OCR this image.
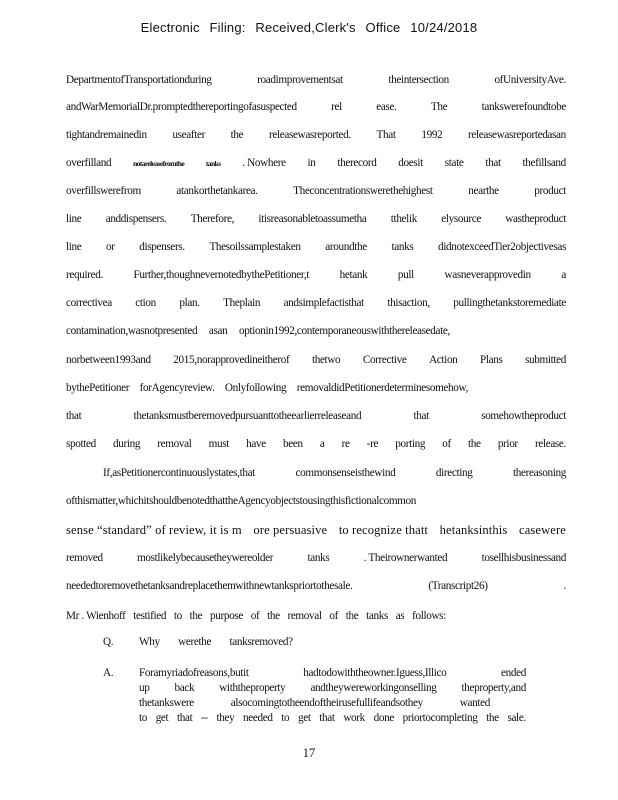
Electronic Filing: Received,Clerk's Office 10/24/2018
DepartmentofTransportationduring	roadimprovementsat	theintersection	ofUniversityAve.
andWarMemorialDr.promptedthereportingofasuspected	rel	ease.	The	tankswerefoundtobe
tightandremainedin useafter the releasewasreported. That 1992 releasewasreportedasan
overfilland	notareleasefromthe	tanks . Nowhere in therecord doesit state that thefillsand
overfillswerefrom	atankorthetankarea.	Theconcentrationswerethehighest	nearthe	product
line anddispensers. Therefore, itisreasonabletoassumetha tthelik elysource wastheproduct
line or dispensers. Thesoilssamplestaken aroundthe tanks didnotexceedTier2objectivesas
required.	Further,thoughnevernotedbythePetitioner,t	hetank	pull	wasneverapprovedin	a
correctivea ction plan. Theplain andsimplefactisthat thisaction, pullingthetankstoremediate
contamination,wasnotpresented asan optionin1992,contemporaneouswiththereleasedate,
norbetween1993and 2015,norapprovedineitherof thetwo Corrective Action Plans submitted
bythePetitioner forAgencyreview. Onlyfollowing removaldidPetitionerdeterminesomehow,
that	thetanksmustberemovedpursuanttotheearlierreleaseand	that	somehowtheproduct
spotted during removal must have been a re -re porting of the prior release.
If,asPetitionercontinuouslystates,that	commonsenseisthewind	directing	thereasoning
ofthismatter,whichitshouldbenotedthattheAgencyobjectstousingthisfictionalcommon
sense “standard” of review, it is m ore persuasive to recognize thatt hetanksinthis casewere
removed	mostlikelybecausetheywereolder	tanks	. Theirownerwanted	tosellhisbusinessand
neededtoremovethetanksandreplacethemwithnewtankspriortothesale.	(Transcript26)	.
Mr . Wienhoff testified to the purpose of the removal of the tanks as follows:
Q. Why werethe tanksremoved?
A. Foramyriadofreasons,butit	hadtodowiththeowner.Iguess,Illico	ended
up back withtheproperty andtheywereworkingonselling theproperty,and
thetankswere	alsocomingtotheendoftheirusefullifeandsothey	wanted
to get that -- they needed to get that work done priortocompleting the sale.
17
